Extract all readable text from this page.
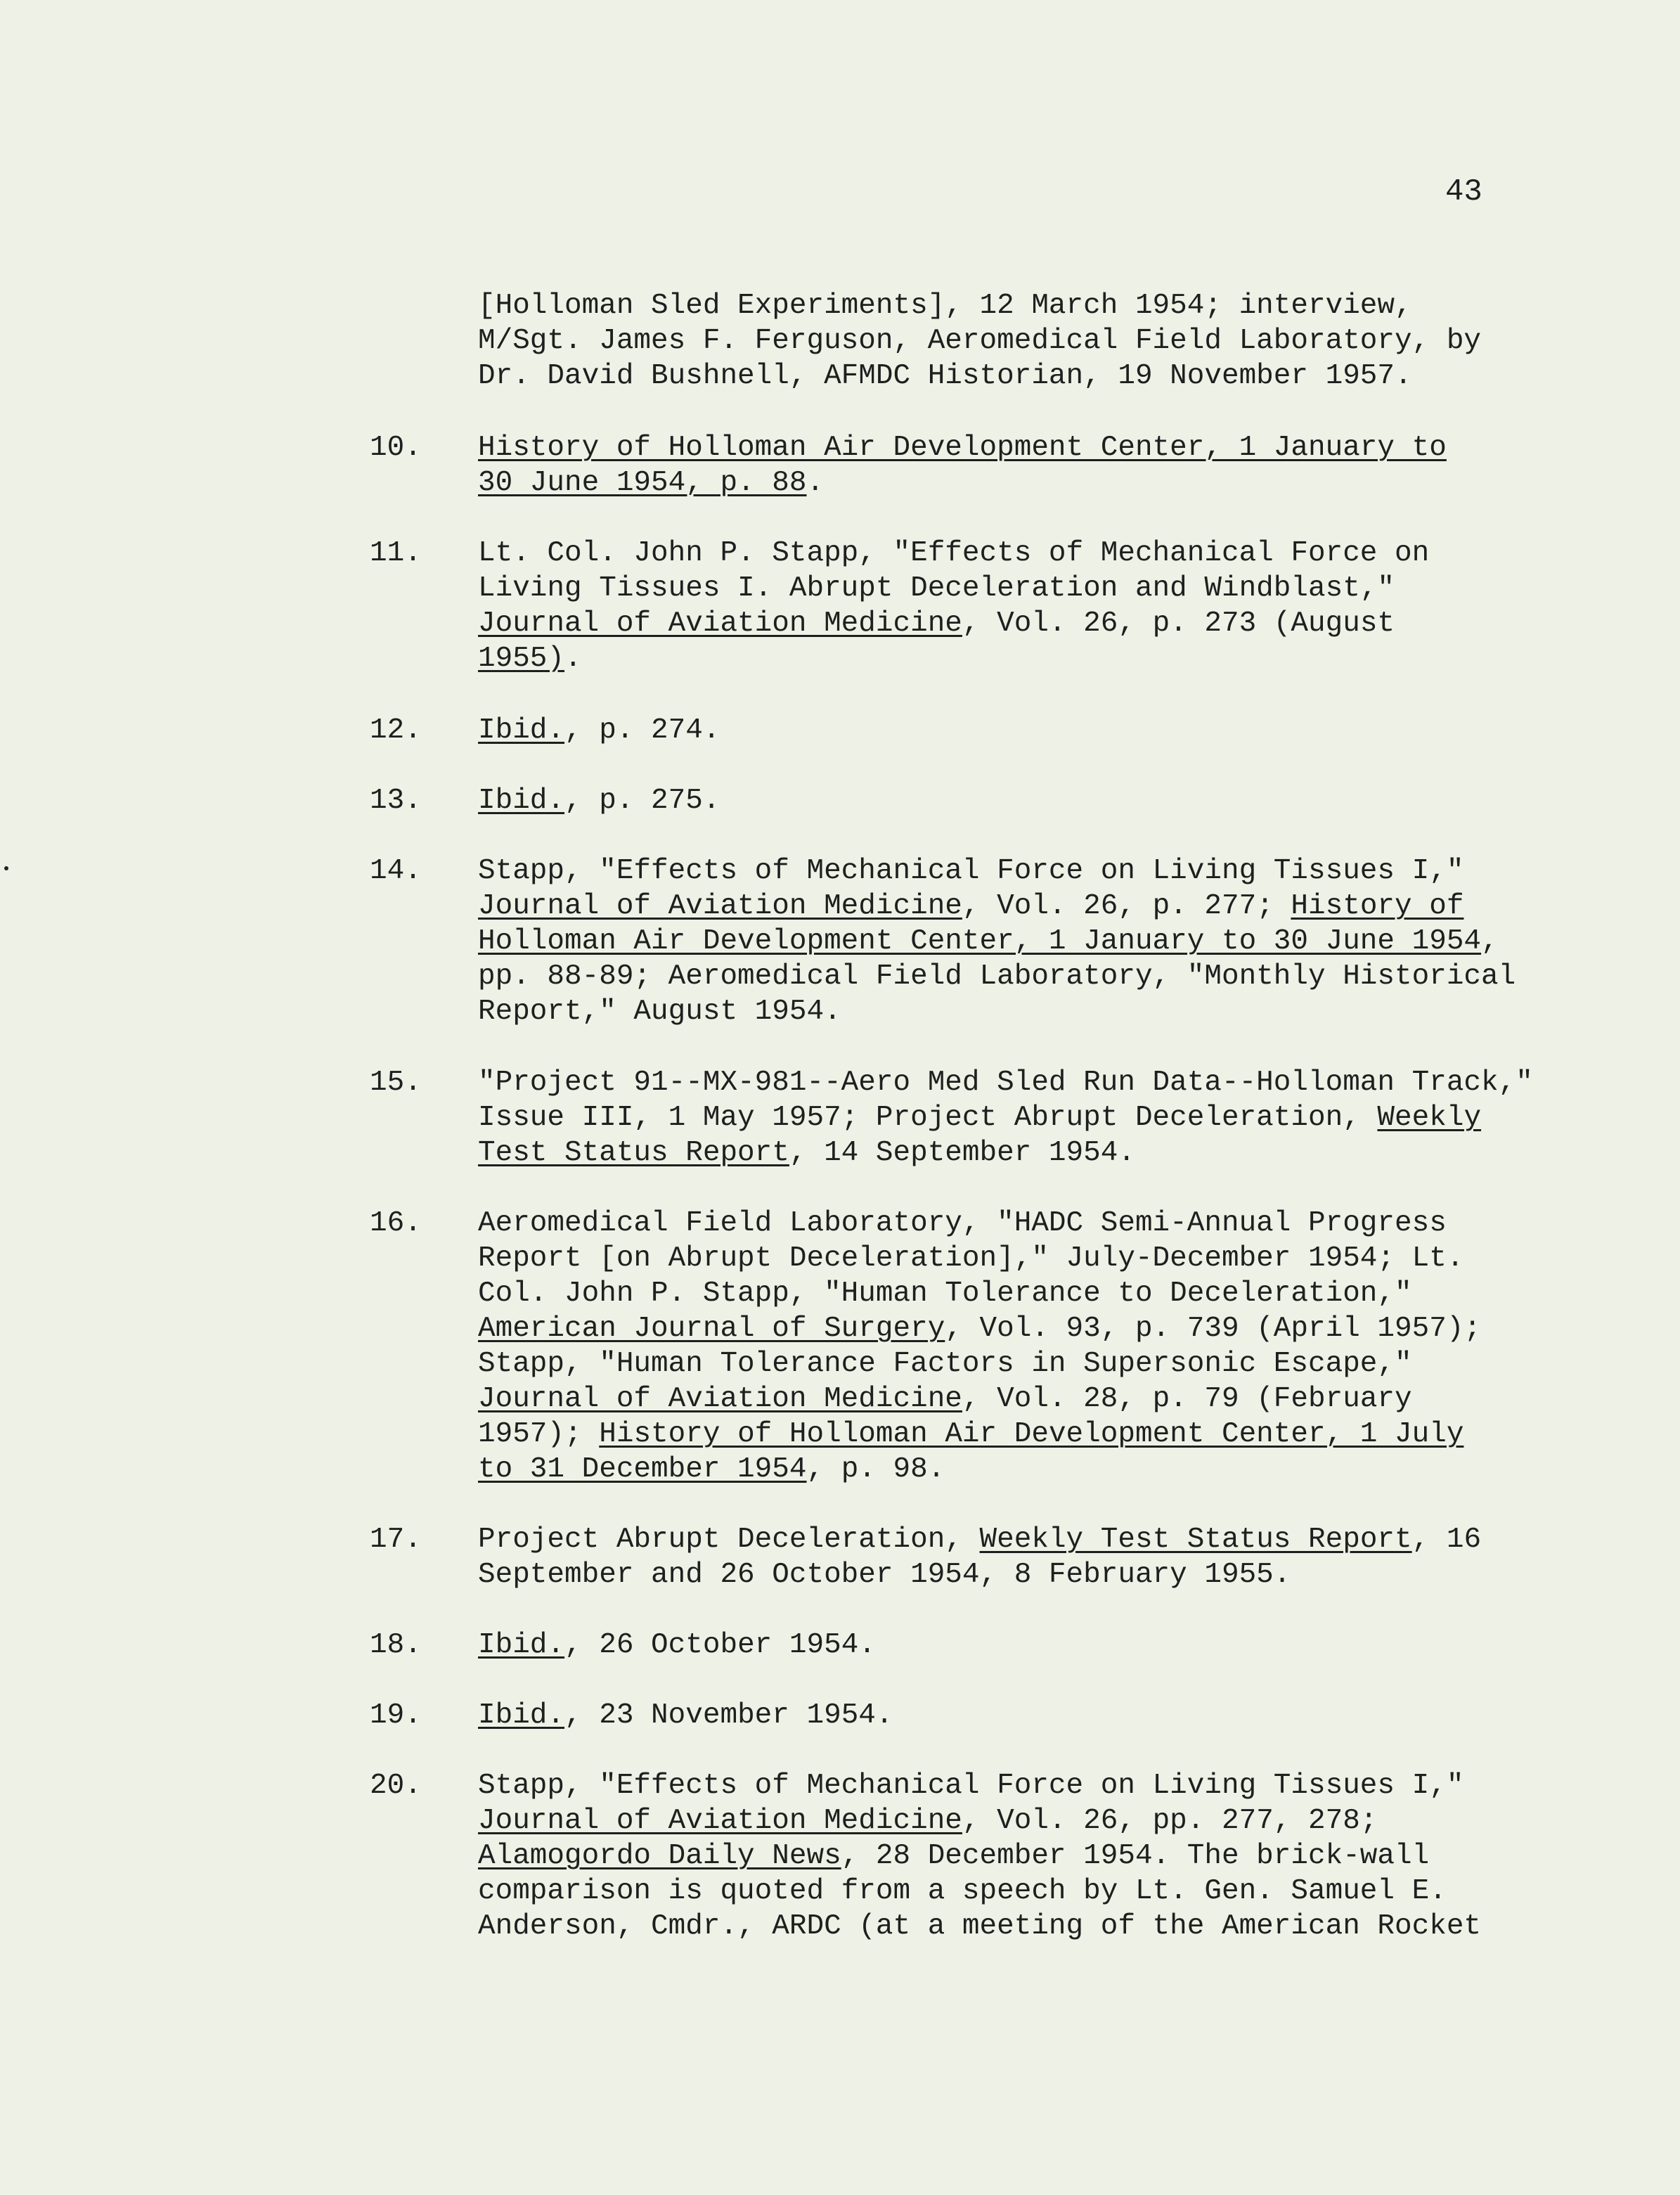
43
[Holloman Sled Experiments], 12 March 1954; interview,
M/Sgt. James F. Ferguson, Aeromedical Field Laboratory, by
Dr. David Bushnell, AFMDC Historian, 19 November 1957.
10. History of Holloman Air Development Center, 1 January to
30 June 1954, p. 88.
11. Lt. Col. John P. Stapp, "Effects of Mechanical Force on
Living Tissues I. Abrupt Deceleration and Windblast,"
Journal of Aviation Medicine, Vol. 26, p. 273 (August
1955).
12. Ibid., p. 274.
13. Ibid., p. 275.
14. Stapp, "Effects of Mechanical Force on Living Tissues I,"
Journal of Aviation Medicine, Vol. 26, p. 277; History of
Holloman Air Development Center, 1 January to 30 June 1954,
pp. 88-89; Aeromedical Field Laboratory, "Monthly Historical
Report," August 1954.
15. "Project 91--MX-981--Aero Med Sled Run Data--Holloman Track,"
Issue III, 1 May 1957; Project Abrupt Deceleration, Weekly
Test Status Report, 14 September 1954.
16. Aeromedical Field Laboratory, "HADC Semi-Annual Progress
Report [on Abrupt Deceleration]," July-December 1954; Lt.
Col. John P. Stapp, "Human Tolerance to Deceleration,"
American Journal of Surgery, Vol. 93, p. 739 (April 1957);
Stapp, "Human Tolerance Factors in Supersonic Escape,"
Journal of Aviation Medicine, Vol. 28, p. 79 (February
1957); History of Holloman Air Development Center, 1 July
to 31 December 1954, p. 98.
17. Project Abrupt Deceleration, Weekly Test Status Report, 16
September and 26 October 1954, 8 February 1955.
18. Ibid., 26 October 1954.
19. Ibid., 23 November 1954.
20. Stapp, "Effects of Mechanical Force on Living Tissues I,"
Journal of Aviation Medicine, Vol. 26, pp. 277, 278;
Alamogordo Daily News, 28 December 1954. The brick-wall
comparison is quoted from a speech by Lt. Gen. Samuel E.
Anderson, Cmdr., ARDC (at a meeting of the American Rocket
